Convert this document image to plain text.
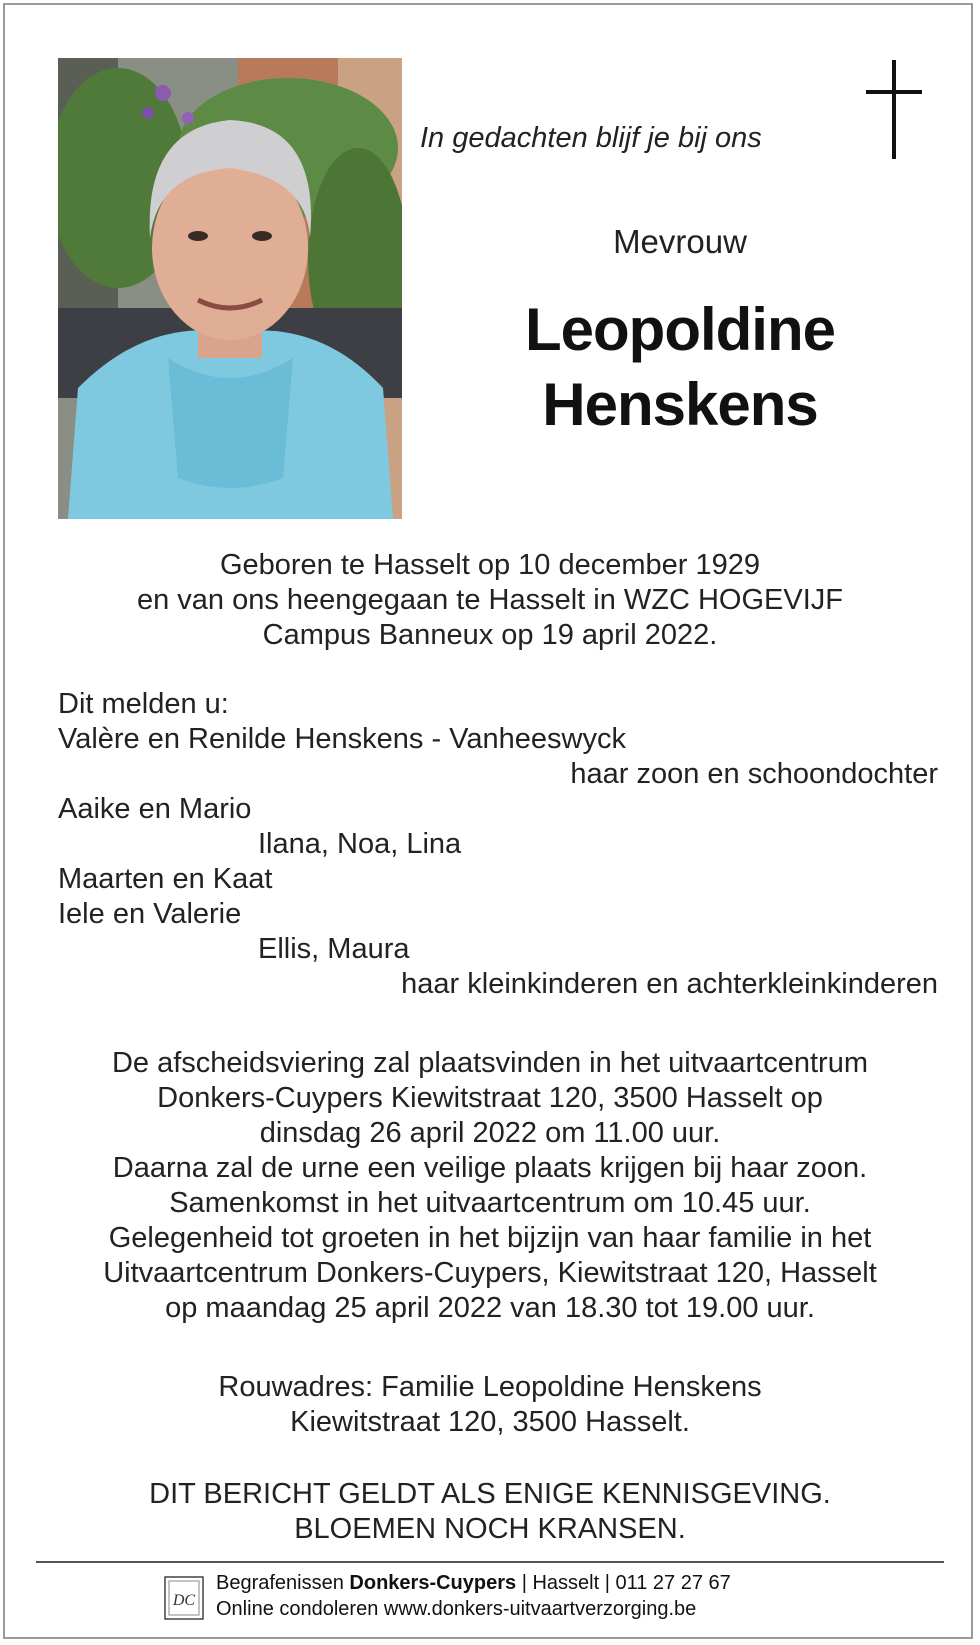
In gedachten blijf je bij ons
Mevrouw
Leopoldine
Henskens
Geboren te Hasselt op 10 december 1929
en van ons heengegaan te Hasselt in WZC HOGEVIJF
Campus Banneux op 19 april 2022.
Dit melden u:
Valère en Renilde Henskens - Vanheeswyck
haar zoon en schoondochter
Aaike en Mario
Ilana, Noa, Lina
Maarten en Kaat
Iele en Valerie
Ellis, Maura
haar kleinkinderen en achterkleinkinderen
De afscheidsviering zal plaatsvinden in het uitvaartcentrum
Donkers-Cuypers Kiewitstraat 120, 3500 Hasselt op
dinsdag 26 april 2022 om 11.00 uur.
Daarna zal de urne een veilige plaats krijgen bij haar zoon.
Samenkomst in het uitvaartcentrum om 10.45 uur.
Gelegenheid tot groeten in het bijzijn van haar familie in het
Uitvaartcentrum Donkers-Cuypers, Kiewitstraat 120, Hasselt
op maandag 25 april 2022 van 18.30 tot 19.00 uur.
Rouwadres: Familie Leopoldine Henskens
Kiewitstraat 120, 3500 Hasselt.
DIT BERICHT GELDT ALS ENIGE KENNISGEVING.
BLOEMEN NOCH KRANSEN.
DC
Begrafenissen Donkers-Cuypers | Hasselt | 011 27 27 67
Online condoleren www.donkers-uitvaartverzorging.be
